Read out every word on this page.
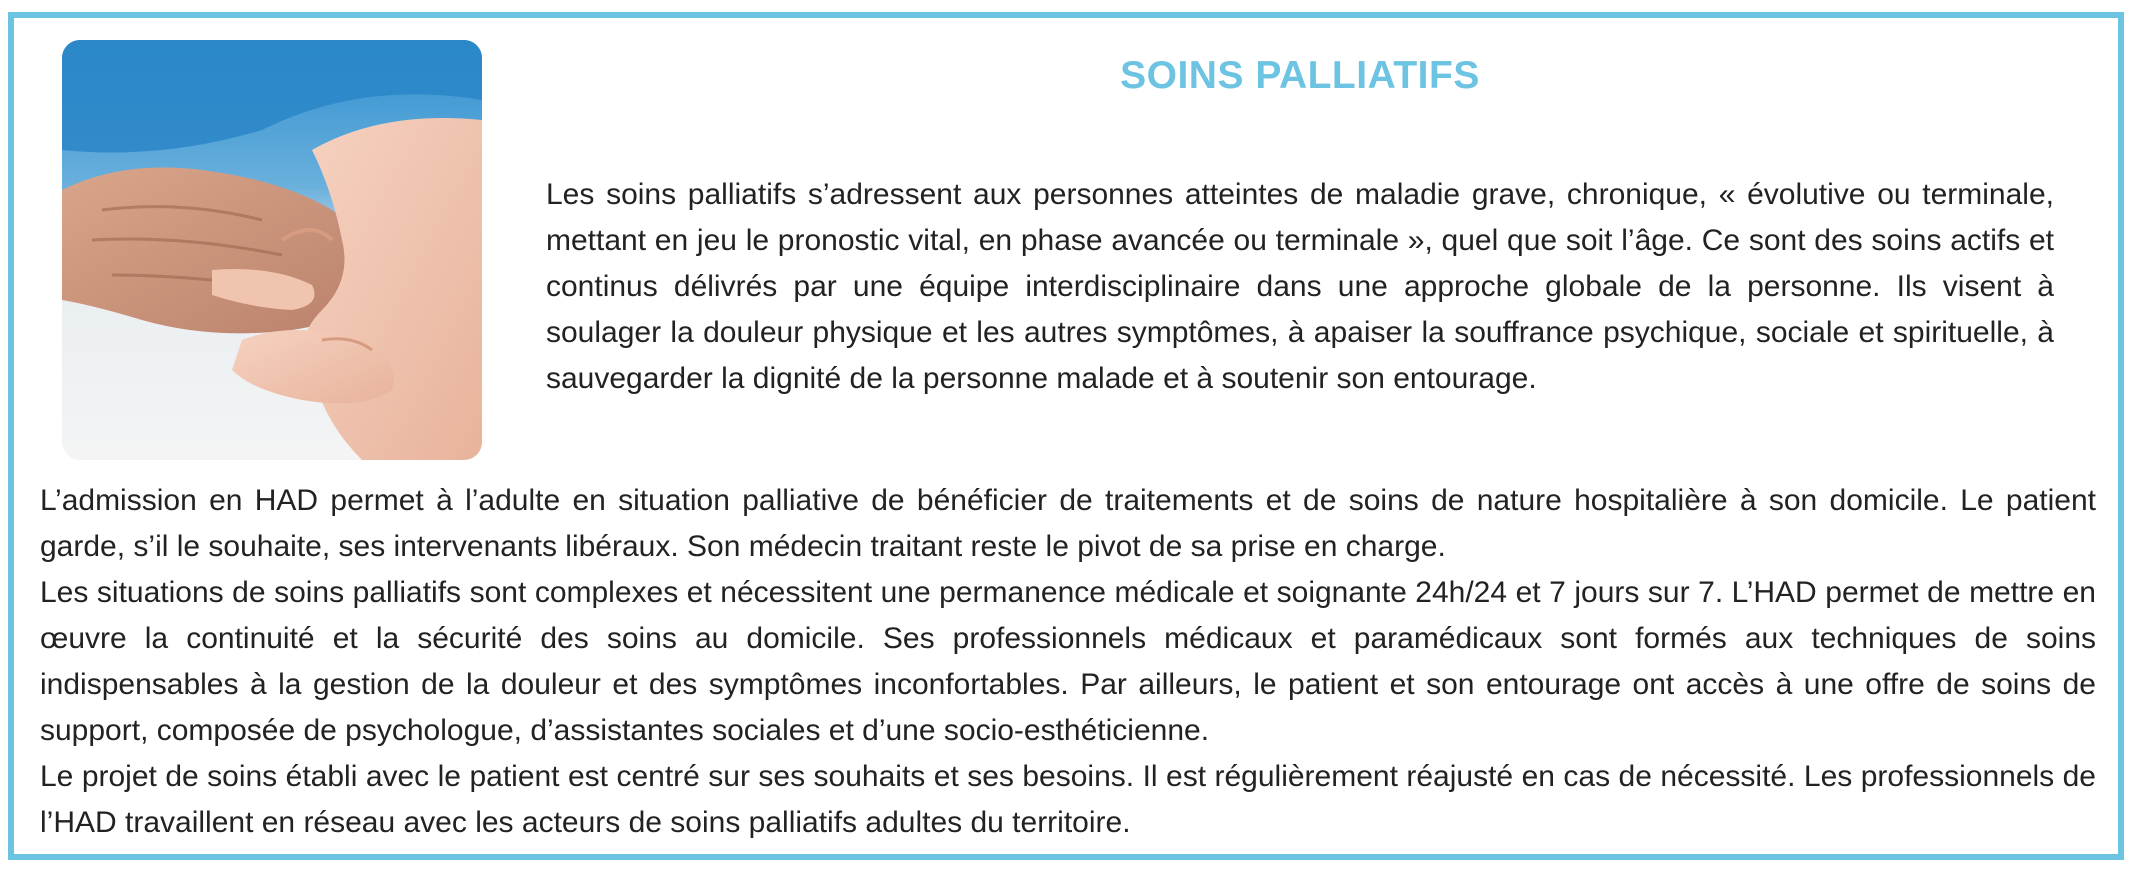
SOINS PALLIATIFS

Les soins palliatifs s’adressent aux personnes atteintes de maladie grave, chronique, « évolutive ou terminale, mettant en jeu le pronostic vital, en phase avancée ou terminale », quel que soit l’âge. Ce sont des soins actifs et continus délivrés par une équipe interdisciplinaire dans une approche globale de la personne. Ils visent à soulager la douleur physique et les autres symptômes, à apaiser la souffrance psychique, sociale et spirituelle, à sauvegarder la dignité de la personne malade et à soutenir son entourage.

L’admission en HAD permet à l’adulte en situation palliative de bénéficier de traitements et de soins de nature hospitalière à son domicile. Le patient garde, s’il le souhaite, ses intervenants libéraux. Son médecin traitant reste le pivot de sa prise en charge.

Les situations de soins palliatifs sont complexes et nécessitent une permanence médicale et soignante 24h/24 et 7 jours sur 7. L’HAD permet de mettre en œuvre la continuité et la sécurité des soins au domicile. Ses professionnels médicaux et paramédicaux sont formés aux techniques de soins indispensables à la gestion de la douleur et des symptômes inconfortables. Par ailleurs, le patient et son entourage ont accès à une offre de soins de support, composée de psychologue, d’assistantes sociales et d’une socio-esthéticienne.

Le projet de soins établi avec le patient est centré sur ses souhaits et ses besoins. Il est régulièrement réajusté en cas de nécessité. Les professionnels de l’HAD travaillent en réseau avec les acteurs de soins palliatifs adultes du territoire.
